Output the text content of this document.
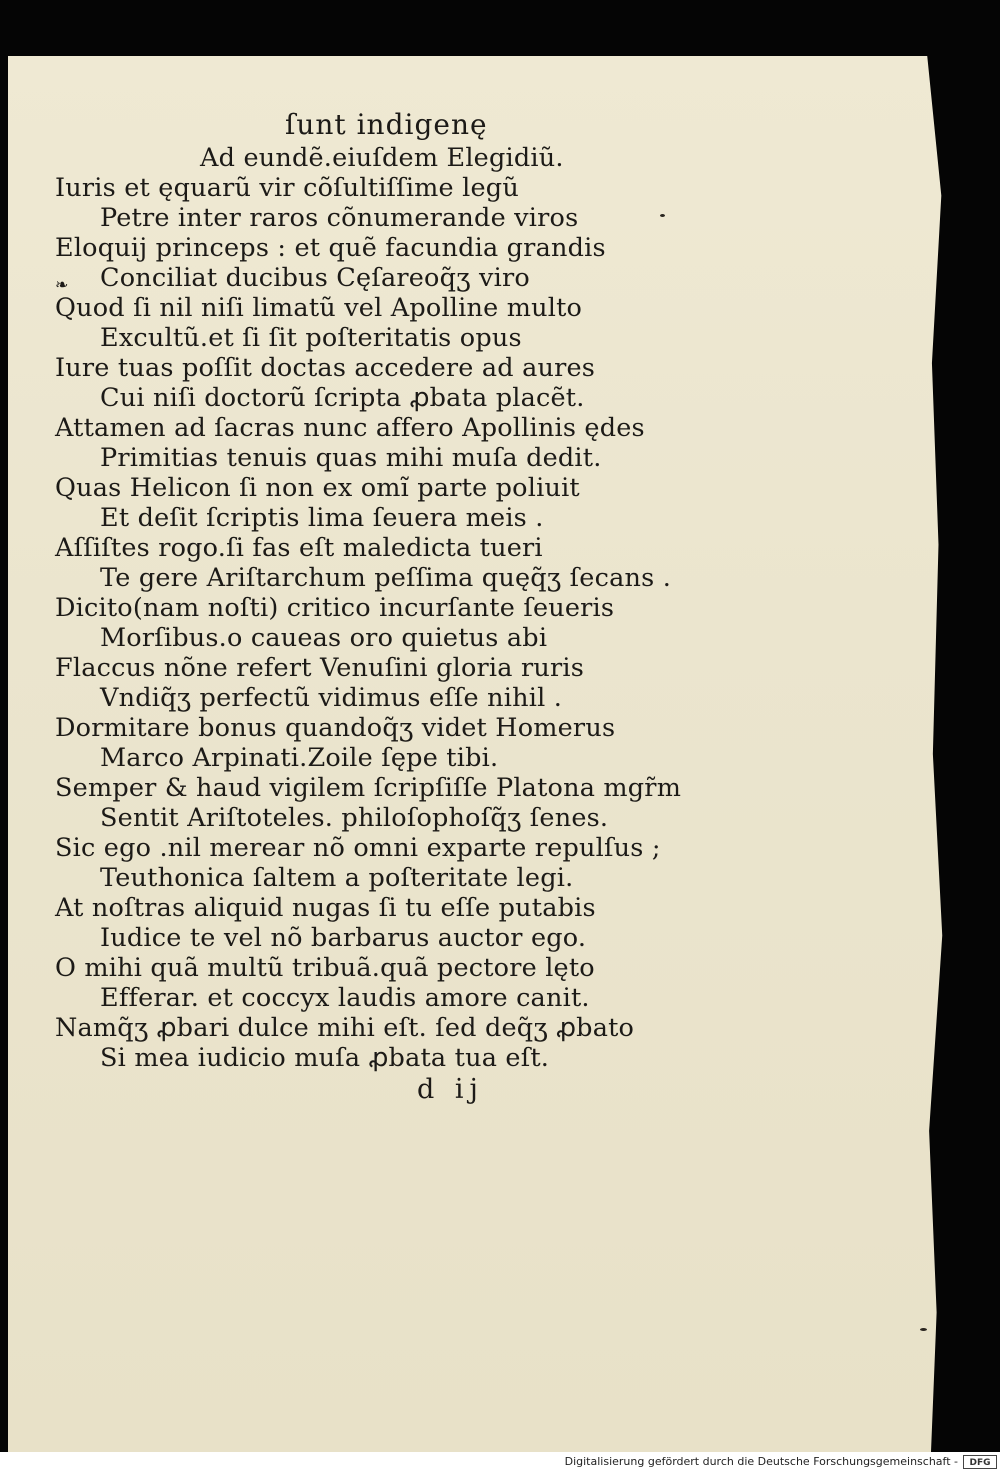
ſunt indigenę
Ad eundẽ.eiuſdem Elegidiũ.
❧
Iuris et ęquarũ vir cõſultiſſime legũ
Petre inter raros cõnumerande viros
Eloquij princeps : et quẽ facundia grandis
Conciliat ducibus Cęſareoq̃ʒ viro
Quod ſi nil niſi limatũ vel Apolline multo
Excultũ.et ſi ſit poſteritatis opus
Iure tuas poſſit doctas accedere ad aures
Cui niſi doctorũ ſcripta ꝓbata placẽt.
Attamen ad ſacras nunc affero Apollinis ędes
Primitias tenuis quas mihi muſa dedit.
Quas Helicon ſi non ex omĩ parte poliuit
Et deſit ſcriptis lima ſeuera meis .
Aſſiſtes rogo.ſi fas eſt maledicta tueri
Te gere Ariſtarchum peſſima quęq̃ʒ ſecans .
Dicito(nam noſti) critico incurſante ſeueris
Morſibus.o caueas oro quietus abi
Flaccus nõne refert Venuſini gloria ruris
Vndiq̃ʒ perfectũ vidimus eſſe nihil .
Dormitare bonus quandoq̃ʒ videt Homerus
Marco Arpinati.Zoile ſępe tibi.
Semper & haud vigilem ſcripſiſſe Platona mgr̃m
Sentit Ariſtoteles. philoſophoſq̃ʒ ſenes.
Sic ego .nil merear nõ omni exparte repulſus ;
Teuthonica ſaltem a poſteritate legi.
At noſtras aliquid nugas ſi tu eſſe putabis
Iudice te vel nõ barbarus auctor ego.
O mihi quã multũ tribuã.quã pectore lęto
Efferar. et coccyx laudis amore canit.
Namq̃ʒ ꝓbari dulce mihi eſt. ſed deq̃ʒ ꝓbato
Si mea iudicio muſa ꝓbata tua eſt.
d ij
Digitalisierung gefördert durch die Deutsche Forschungsgemeinschaft -	DFG
